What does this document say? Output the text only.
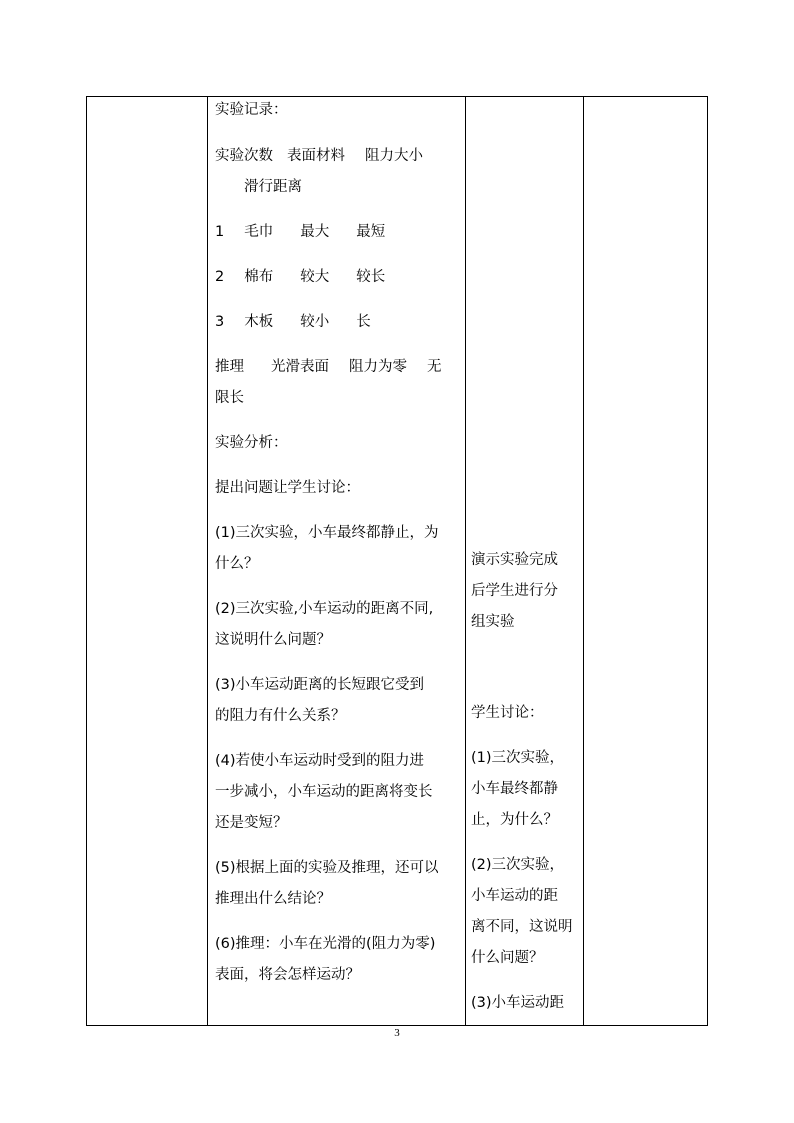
实验记录：
实验次数 表面材料 阻力大小
滑行距离
1 毛巾 最大 最短
2 棉布 较大 较长
3 木板 较小 长
推理 光滑表面 阻力为零 无
限长
实验分析：
提出问题让学生讨论：
(1)三次实验，小车最终都静止，为
什么？
(2)三次实验,小车运动的距离不同,
这说明什么问题？
(3)小车运动距离的长短跟它受到
的阻力有什么关系？
(4)若使小车运动时受到的阻力进
一步减小，小车运动的距离将变长
还是变短？
(5)根据上面的实验及推理，还可以
推理出什么结论？
(6)推理：小车在光滑的(阻力为零)
表面，将会怎样运动？
演示实验完成
后学生进行分
组实验
学生讨论：
(1)三次实验，
小车最终都静
止，为什么？
(2)三次实验，
小车运动的距
离不同，这说明
什么问题？
(3)小车运动距
3
